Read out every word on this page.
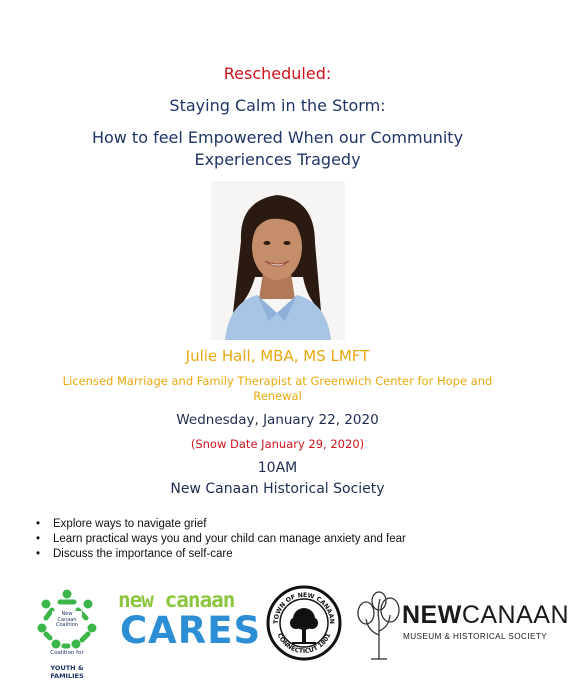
Rescheduled:
Staying Calm in the Storm:
How to feel Empowered When our Community Experiences Tragedy
Julie Hall, MBA, MS LMFT
Licensed Marriage and Family Therapist at Greenwich Center for Hope and Renewal
Wednesday, January 22, 2020
(Snow Date January 29, 2020)
10AM
New Canaan Historical Society
• Explore ways to navigate grief
• Learn practical ways you and your child can manage anxiety and fear
• Discuss the importance of self-care
New Canaan Coalition
Coalition for
YOUTH & FAMILIES
new canaan
CARES TOWN OF NEW CANAAN
CONNECTICUT 1801
NEWCANAAN
MUSEUM & HISTORICAL SOCIETY
